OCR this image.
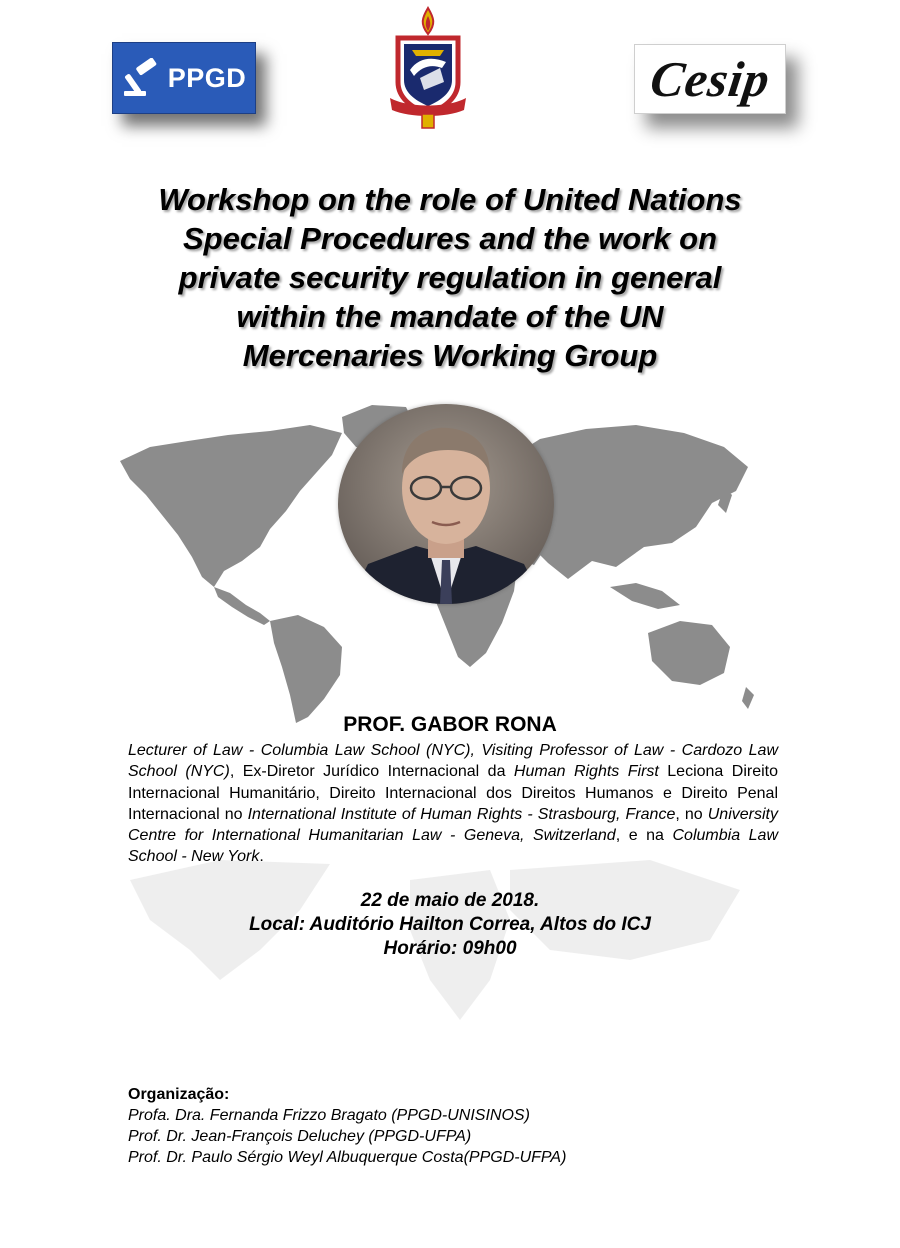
PPGD	Cesip
Workshop on the role of United Nations
Special Procedures and the work on
private security regulation in general
within the mandate of the UN
Mercenaries Working Group
PROF. GABOR RONA

Lecturer of Law - Columbia Law School (NYC), Visiting Professor of Law - Cardozo Law School (NYC), Ex-Diretor Jurídico Internacional da Human Rights First Leciona Direito Internacional Humanitário, Direito Internacional dos Direitos Humanos e Direito Penal Internacional no International Institute of Human Rights - Strasbourg, France, no University Centre for International Humanitarian Law - Geneva, Switzerland, e na Columbia Law School - New York.

22 de maio de 2018.

Local: Auditório Hailton Correa, Altos do ICJ

Horário: 09h00

Organização:

Profa. Dra. Fernanda Frizzo Bragato (PPGD-UNISINOS)

Prof. Dr. Jean-François Deluchey (PPGD-UFPA)

Prof. Dr. Paulo Sérgio Weyl Albuquerque Costa(PPGD-UFPA)
